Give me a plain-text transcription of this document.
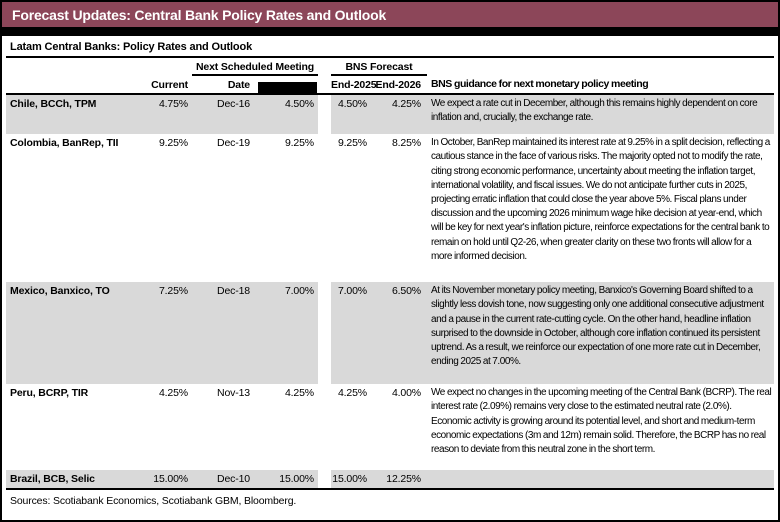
Forecast Updates: Central Bank Policy Rates and Outlook
Latam Central Banks: Policy Rates and Outlook
		Next Scheduled Meeting			BNS Forecast		
	Current	Date			End-2025	End-2026	BNS guidance for next monetary policy meeting
Chile, BCCh, TPM	4.75%	Dec-16	4.50%		4.50%	4.25%	We expect a rate cut in December, although this remains highly dependent on core inflation and, crucially, the exchange rate.
Colombia, BanRep, TII	9.25%	Dec-19	9.25%		9.25%	8.25%	In October, BanRep maintained its interest rate at 9.25% in a split decision, reflecting a cautious stance in the face of various risks. The majority opted not to modify the rate, citing strong economic performance, uncertainty about meeting the inflation target, international volatility, and fiscal issues. We do not anticipate further cuts in 2025, projecting erratic inflation that could close the year above 5%. Fiscal plans under discussion and the upcoming 2026 minimum wage hike decision at year-end, which will be key for next year's inflation picture, reinforce expectations for the central bank to remain on hold until Q2-26, when greater clarity on these two fronts will allow for a more informed decision.
Mexico, Banxico, TO	7.25%	Dec-18	7.00%		7.00%	6.50%	At its November monetary policy meeting, Banxico's Governing Board shifted to a slightly less dovish tone, now suggesting only one additional consecutive adjustment and a pause in the current rate-cutting cycle. On the other hand, headline inflation surprised to the downside in October, although core inflation continued its persistent uptrend. As a result, we reinforce our expectation of one more rate cut in December, ending 2025 at 7.00%.
Peru, BCRP, TIR	4.25%	Nov-13	4.25%		4.25%	4.00%	We expect no changes in the upcoming meeting of the Central Bank (BCRP). The real interest rate (2.09%) remains very close to the estimated neutral rate (2.0%). Economic activity is growing around its potential level, and short and medium-term economic expectations (3m and 12m) remain solid. Therefore, the BCRP has no real reason to deviate from this neutral zone in the short term.
Brazil, BCB, Selic	15.00%	Dec-10	15.00%		15.00%	12.25%	
Sources: Scotiabank Economics, Scotiabank GBM, Bloomberg.
